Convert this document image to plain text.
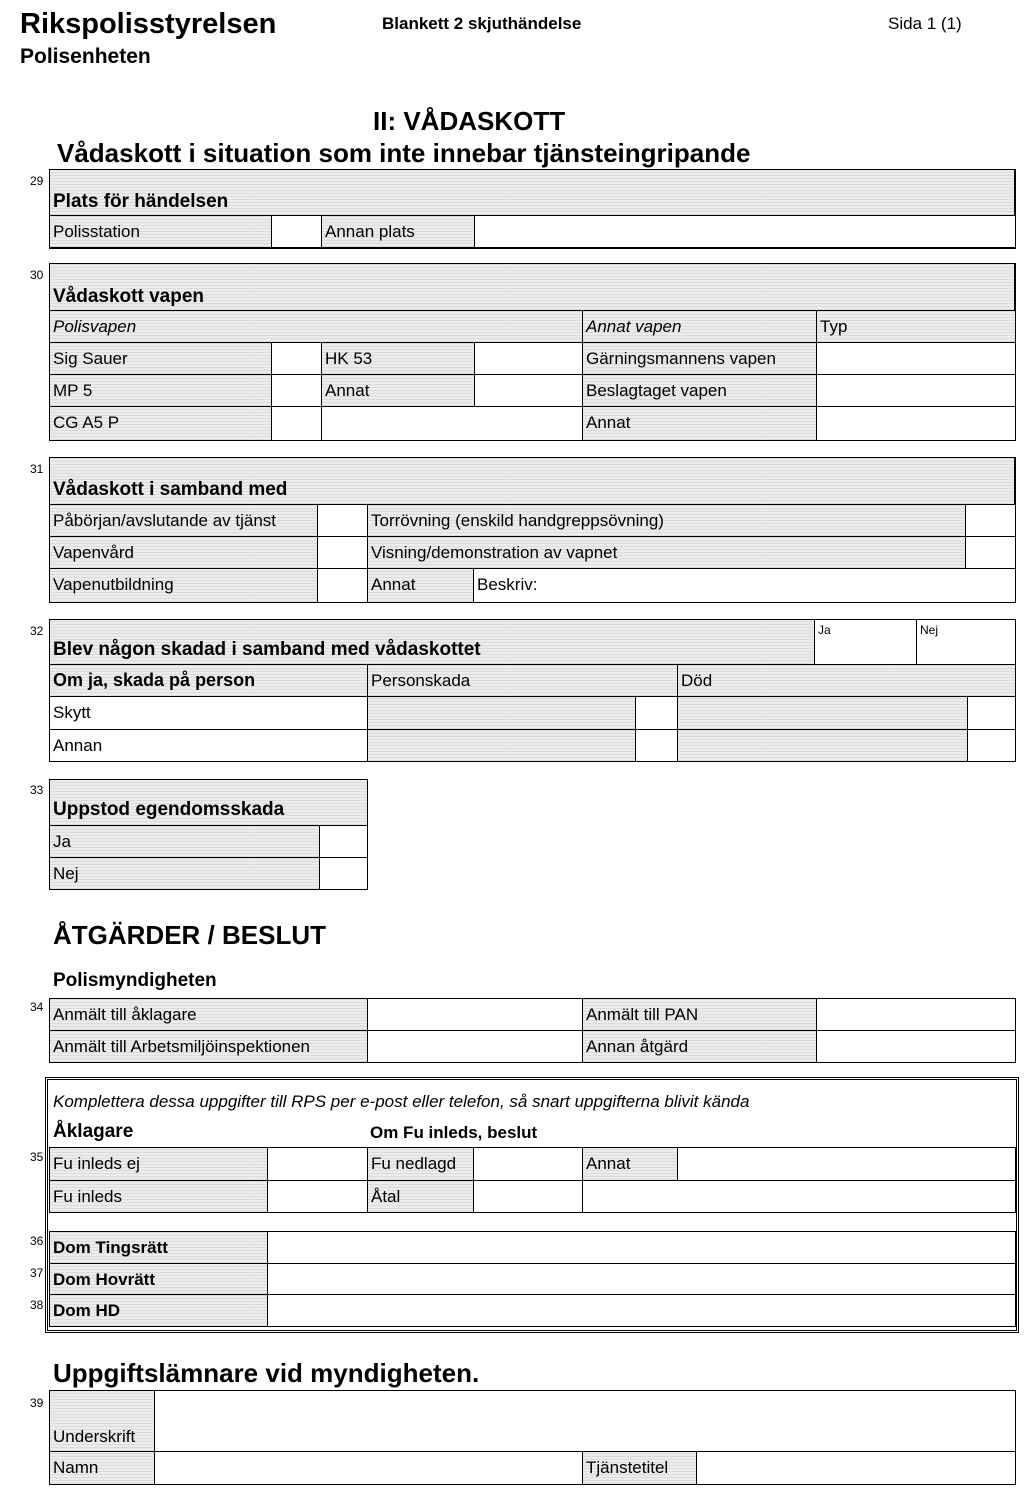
Rikspolisstyrelsen
Polisenheten
Blankett 2 skjuthändelse	Sida 1 (1)
II: VÅDASKOTT
Vådaskott i situation som inte innebar tjänsteingripande
29
Plats för händelsen
Polisstation	Annan plats
30
Vådaskott vapen
Polisvapen	Annat vapen	Typ
Sig Sauer	HK 53	Gärningsmannens vapen
MP 5	Annat	Beslagtaget vapen
CG A5 P	Annat
31
Vådaskott i samband med
Påbörjan/avslutande av tjänst	Torrövning (enskild handgreppsövning)
Vapenvård	Visning/demonstration av vapnet
Vapenutbildning	Annat	Beskriv:
32
Blev någon skadad i samband med vådaskottet
Ja	Nej
Om ja, skada på person	Personskada	Död
Skytt
Annan
33
Uppstod egendomsskada
Ja
Nej
ÅTGÄRDER / BESLUT
Polismyndigheten
34 Anmält till åklagare	Anmält till PAN
Anmält till Arbetsmiljöinspektionen	Annan åtgärd
Komplettera dessa uppgifter till RPS per e-post eller telefon, så snart uppgifterna blivit kända
Åklagare	Om Fu inleds, beslut
35 Fu inleds ej	Fu nedlagd	Annat
Fu inleds	Åtal
36 Dom Tingsrätt
Dom Hovrätt
Dom HD
37
38
Uppgiftslämnare vid myndigheten.
39
Underskrift
Namn	Tjänstetitel
